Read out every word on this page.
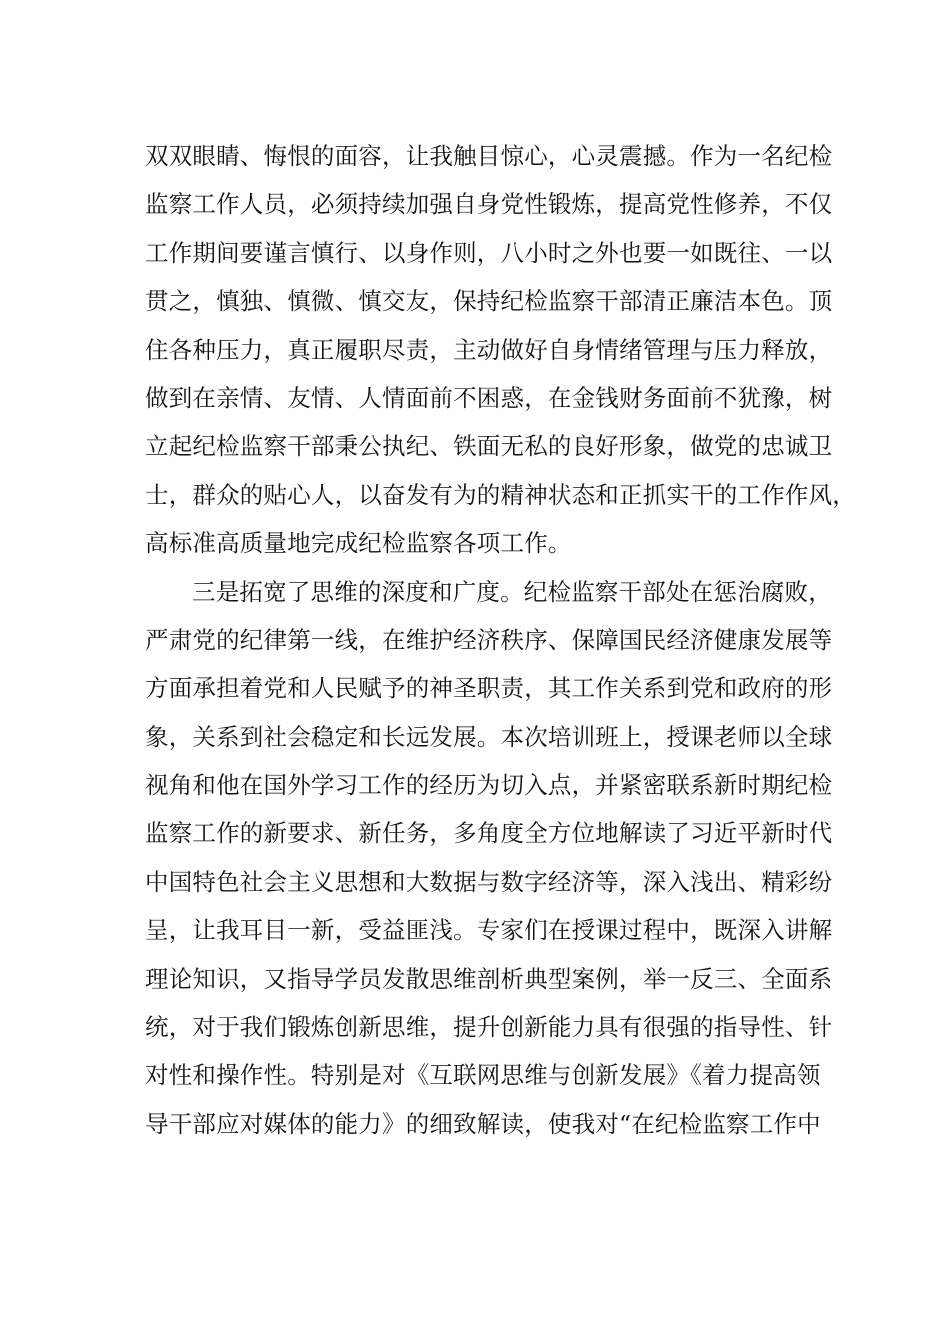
双双眼睛、悔恨的面容，让我触目惊心，心灵震撼。作为一名纪检
监察工作人员，必须持续加强自身党性锻炼，提高党性修养，不仅
工作期间要谨言慎行、以身作则，八小时之外也要一如既往、一以
贯之，慎独、慎微、慎交友，保持纪检监察干部清正廉洁本色。顶
住各种压力，真正履职尽责，主动做好自身情绪管理与压力释放，
做到在亲情、友情、人情面前不困惑，在金钱财务面前不犹豫，树
立起纪检监察干部秉公执纪、铁面无私的良好形象，做党的忠诚卫
士，群众的贴心人，以奋发有为的精神状态和正抓实干的工作作风，
高标准高质量地完成纪检监察各项工作。
三是拓宽了思维的深度和广度。纪检监察干部处在惩治腐败，
严肃党的纪律第一线，在维护经济秩序、保障国民经济健康发展等
方面承担着党和人民赋予的神圣职责，其工作关系到党和政府的形
象，关系到社会稳定和长远发展。本次培训班上，授课老师以全球
视角和他在国外学习工作的经历为切入点，并紧密联系新时期纪检
监察工作的新要求、新任务，多角度全方位地解读了习近平新时代
中国特色社会主义思想和大数据与数字经济等，深入浅出、精彩纷
呈，让我耳目一新，受益匪浅。专家们在授课过程中，既深入讲解
理论知识，又指导学员发散思维剖析典型案例，举一反三、全面系
统，对于我们锻炼创新思维，提升创新能力具有很强的指导性、针
对性和操作性。特别是对《互联网思维与创新发展》《着力提高领
导干部应对媒体的能力》的细致解读，使我对“在纪检监察工作中
